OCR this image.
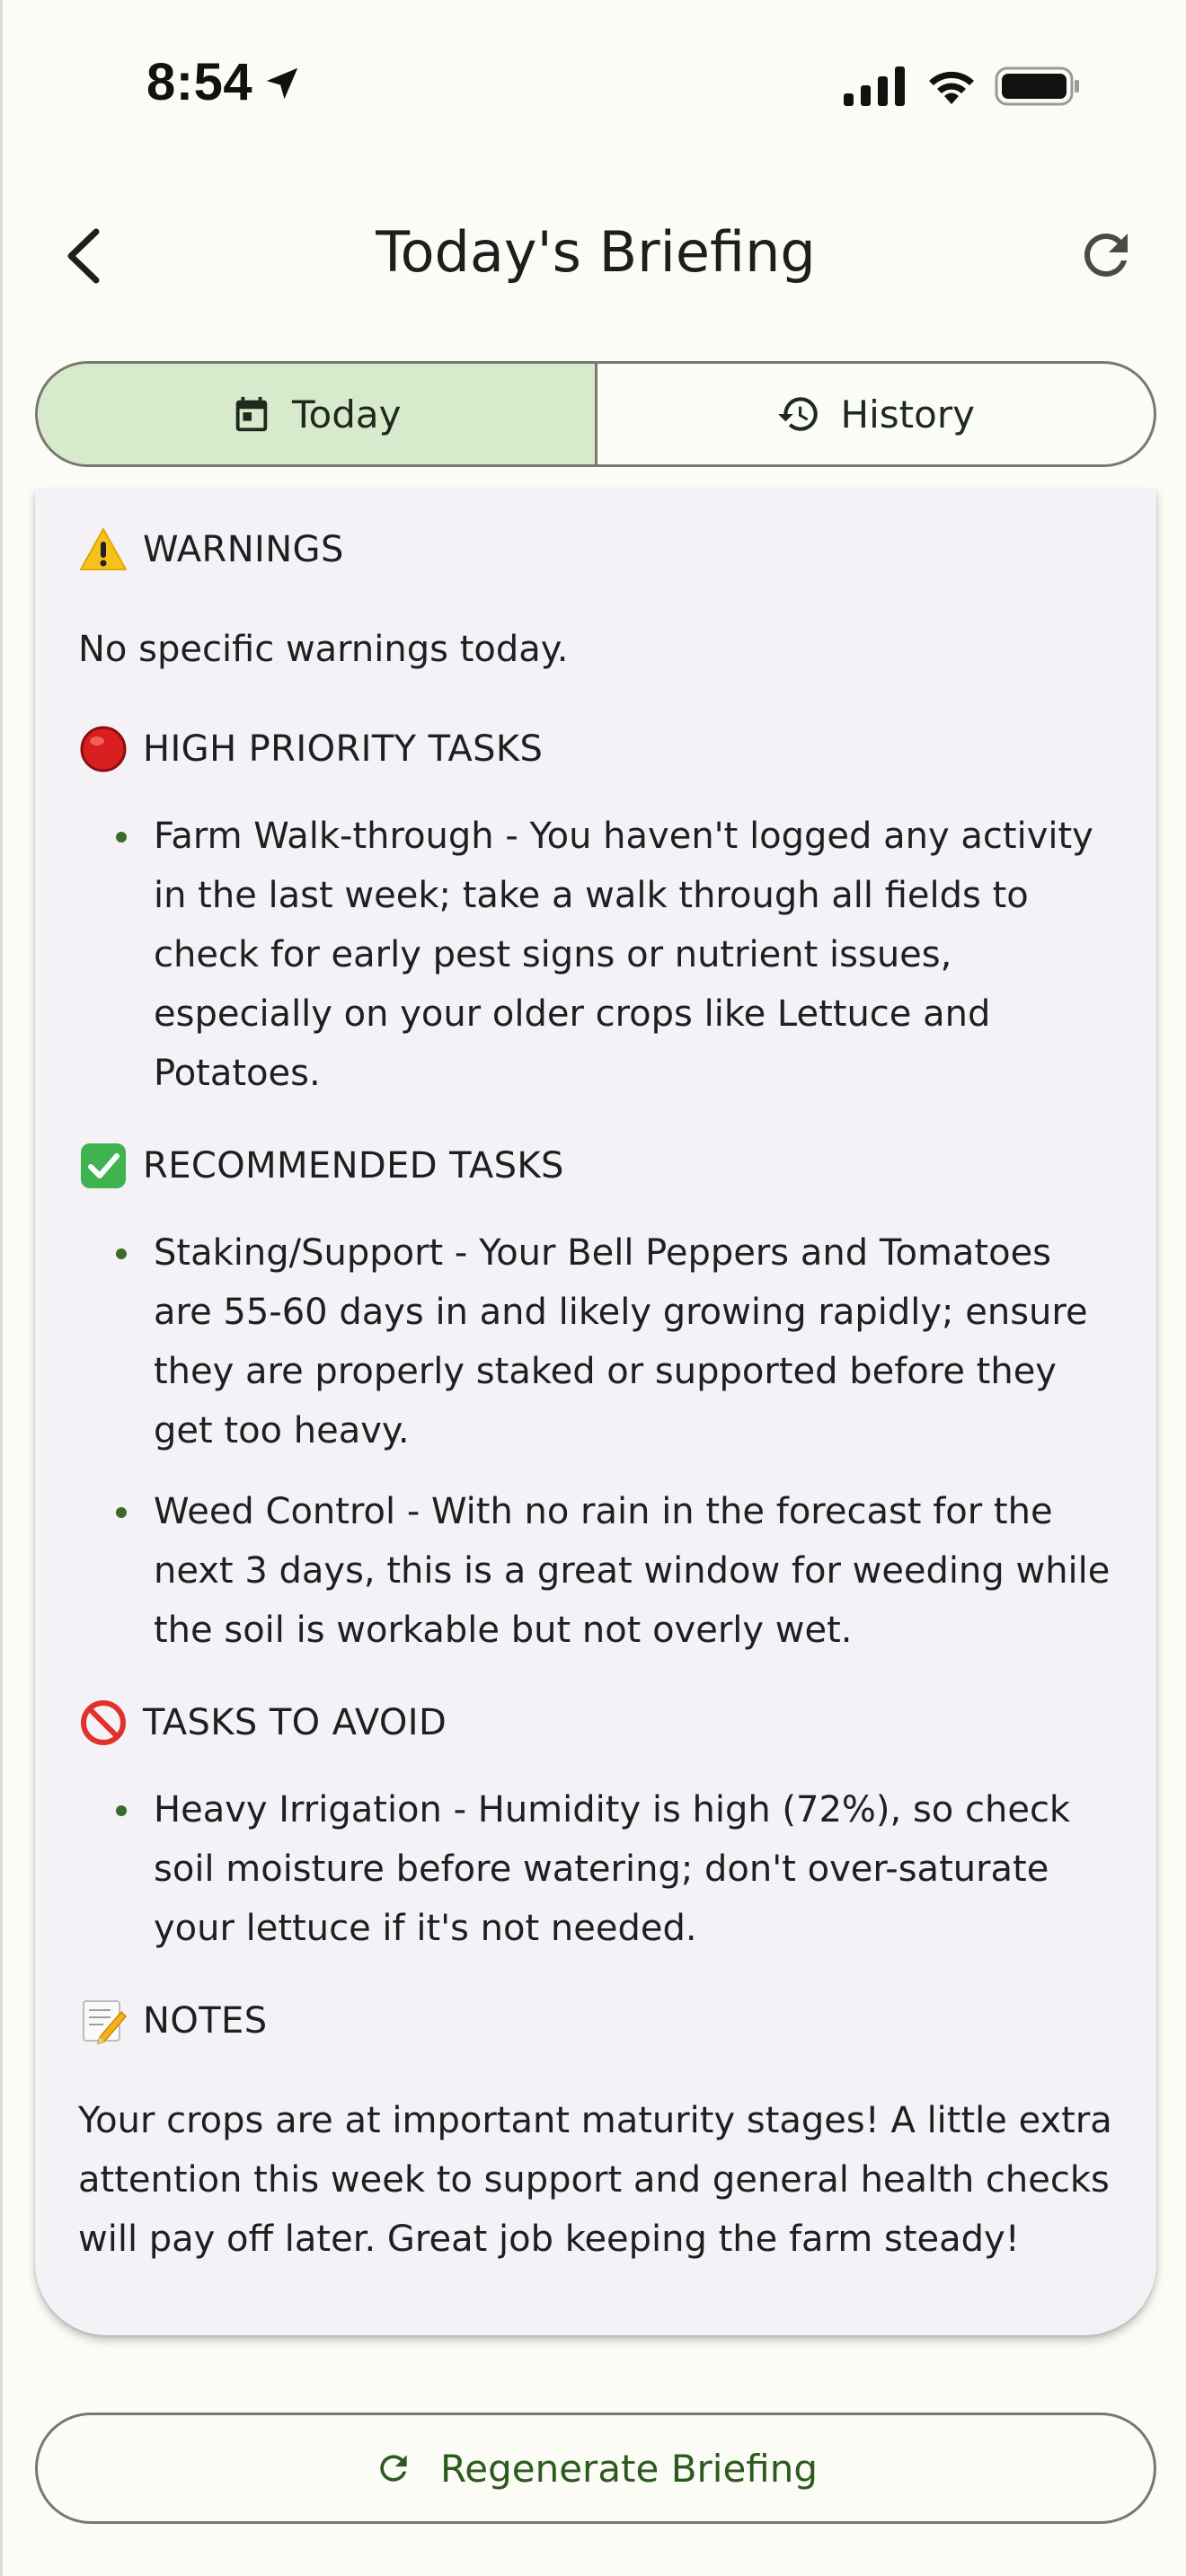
8:54
Today's Briefing
Today	History
WARNINGS

No specific warnings today.

HIGH PRIORITY TASKS
Farm Walk-through - You haven't logged any activity in the last week; take a walk through all fields to check for early pest signs or nutrient issues, especially on your older crops like Lettuce and Potatoes.
RECOMMENDED TASKS
Staking/Support - Your Bell Peppers and Tomatoes are 55-60 days in and likely growing rapidly; ensure they are properly staked or supported before they get too heavy.
Weed Control - With no rain in the forecast for the next 3 days, this is a great window for weeding while the soil is workable but not overly wet.
TASKS TO AVOID
Heavy Irrigation - Humidity is high (72%), so check soil moisture before watering; don't over-saturate your lettuce if it's not needed.
NOTES

Your crops are at important maturity stages! A little extra attention this week to support and general health checks will pay off later. Great job keeping the farm steady!

Regenerate Briefing
